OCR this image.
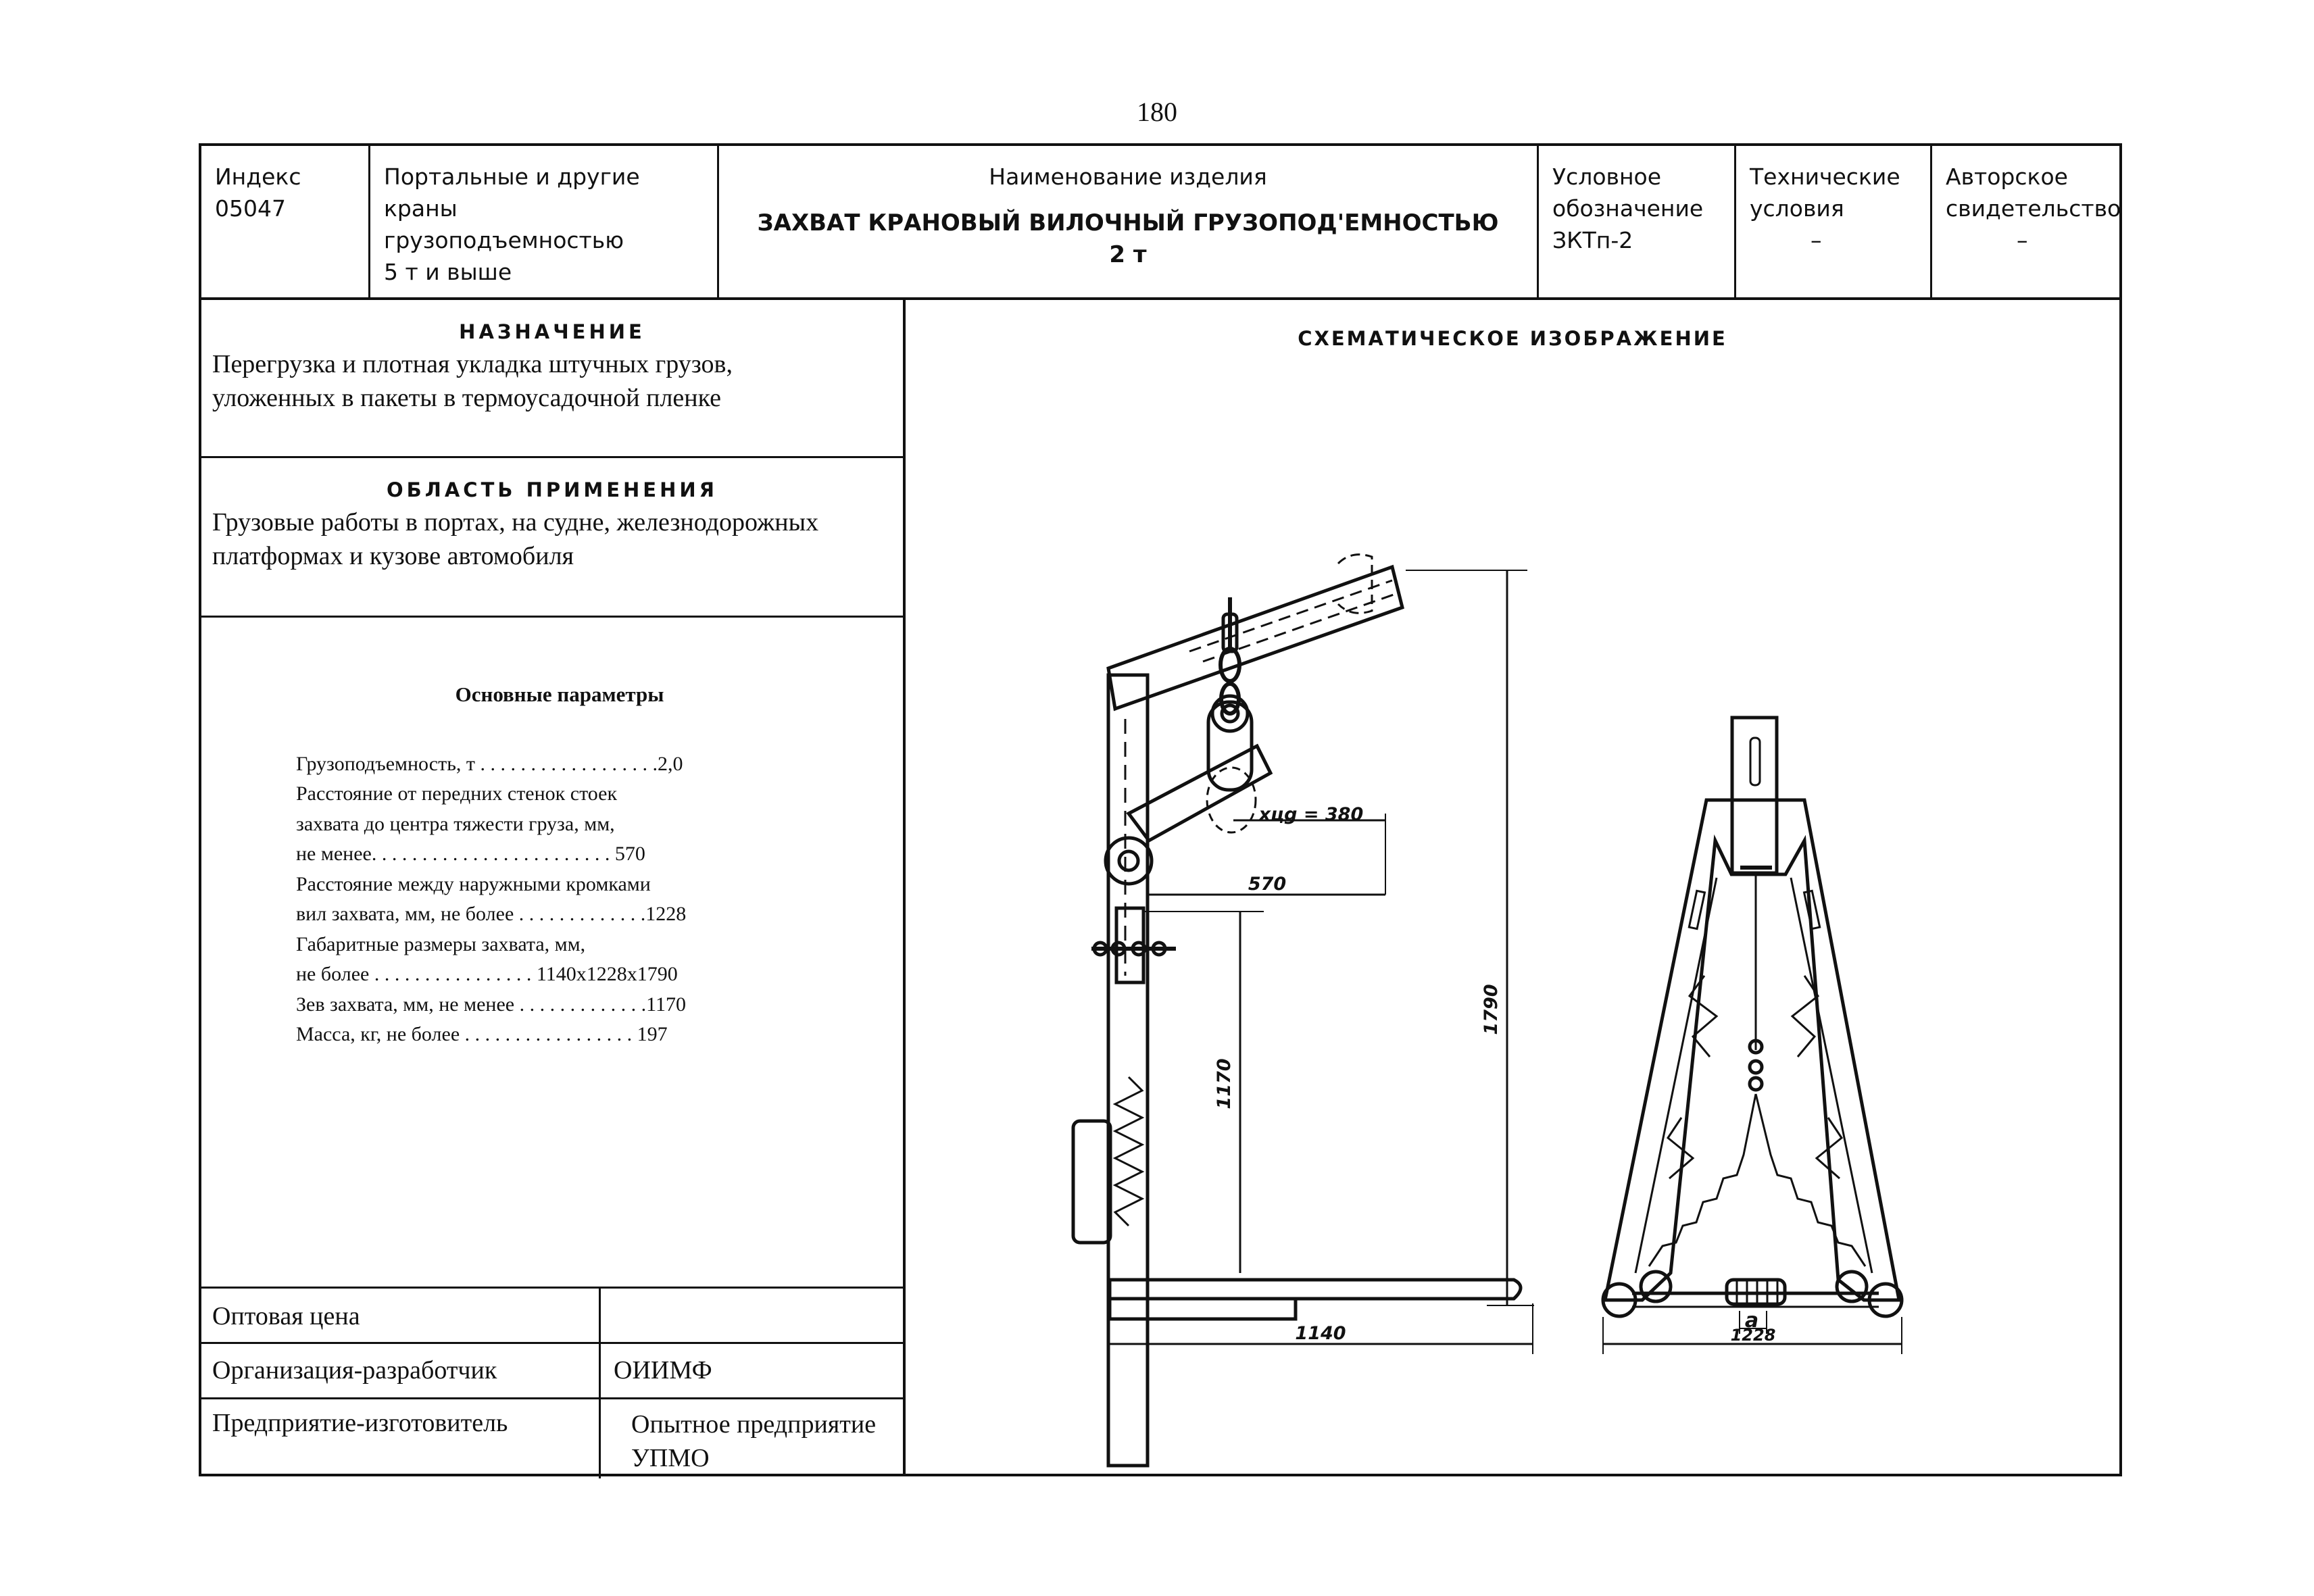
180
Индекс
05047
Портальные и другие
краны грузоподъемностью
5 т и выше
Наименование изделия
ЗАХВАТ КРАНОВЫЙ ВИЛОЧНЫЙ ГРУЗОПОД'ЕМНОСТЬЮ
2 т
Условное
обозначение
ЗКТп-2
Технические
условия
–
Авторское
свидетельство
–
НАЗНАЧЕНИЕ
Перегрузка и плотная укладка штучных грузов,
уложенных в пакеты в термоусадочной пленке
ОБЛАСТЬ ПРИМЕНЕНИЯ
Грузовые работы в портах, на судне, железнодорожных
платформах и кузове автомобиля
Основные параметры
Грузоподъемность, т . . . . . . . . . . . . . . . . . .2,0
Расстояние от передних стенок стоек
захвата до центра тяжести груза, мм,
не менее. . . . . . . . . . . . . . . . . . . . . . . . 570
Расстояние между наружными кромками
вил захвата, мм, не более . . . . . . . . . . . . .1228
Габаритные размеры захвата, мм,
не более . . . . . . . . . . . . . . . . 1140x1228x1790
Зев захвата, мм, не менее . . . . . . . . . . . . .1170
Масса, кг, не более . . . . . . . . . . . . . . . . . 197
Оптовая цена
Организация-разработчик	ОИИМФ
Предприятие-изготовитель	Опытное предприятие
УПМО
СХЕМАТИЧЕСКОЕ ИЗОБРАЖЕНИЕ
xцg = 380
570
1170
1790
1140
a
1228
